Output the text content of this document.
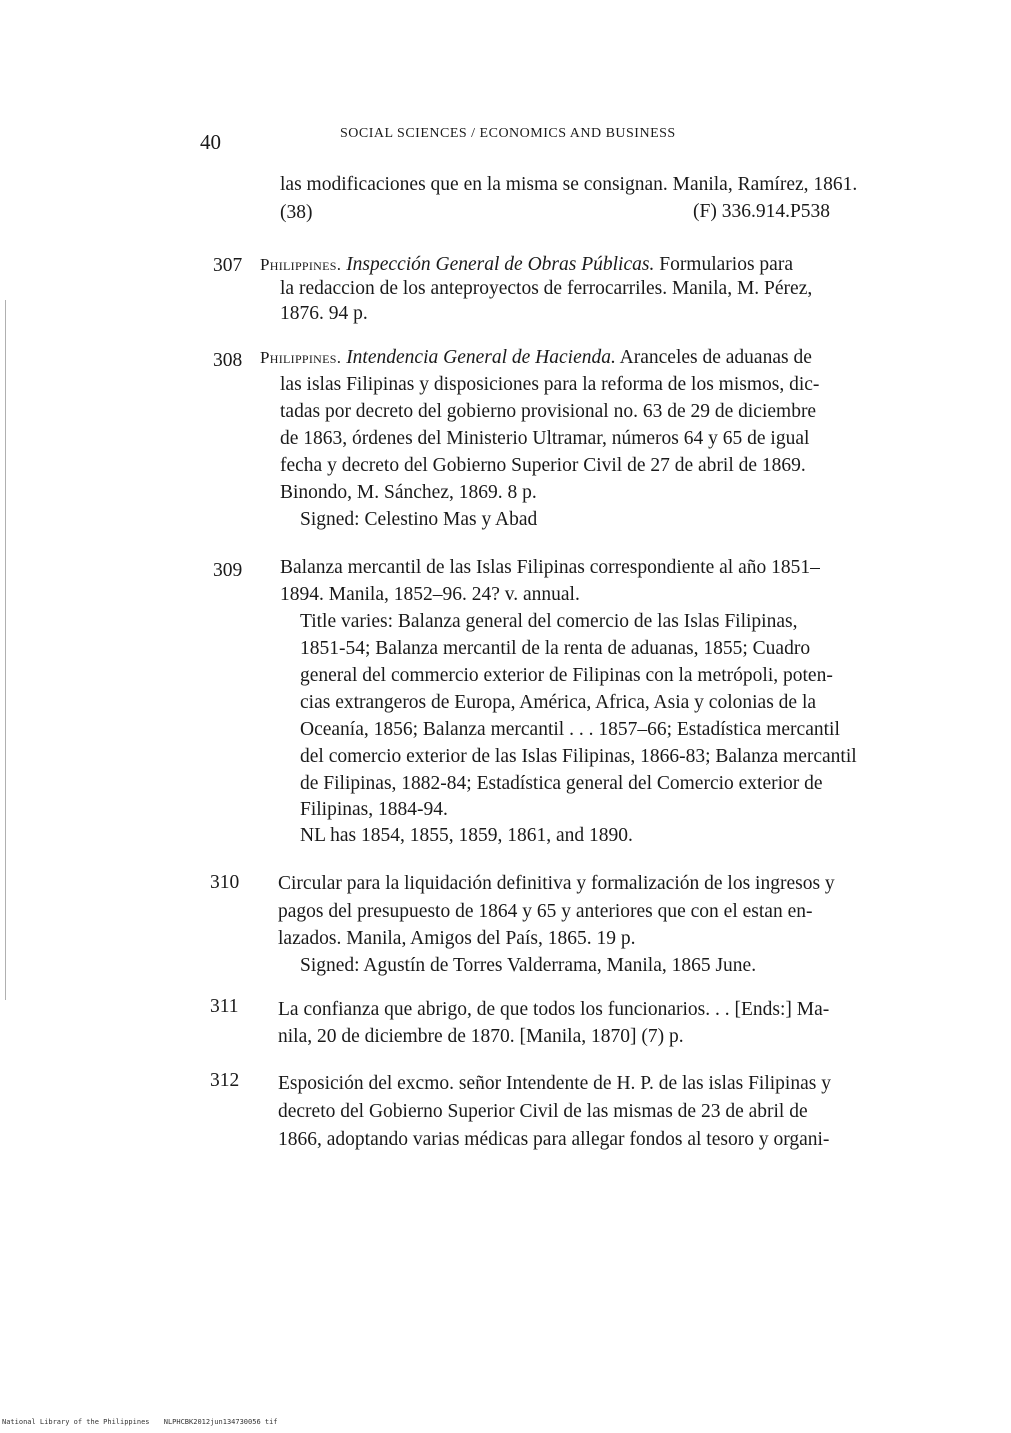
40	SOCIAL SCIENCES / ECONOMICS AND BUSINESS
las modificaciones que en la misma se consignan. Manila, Ramírez, 1861.
(38)	(F) 336.914.P538
307 Philippines. Inspección General de Obras Públicas. Formularios para
la redaccion de los anteproyectos de ferrocarriles. Manila, M. Pérez,
1876. 94 p.
308 Philippines. Intendencia General de Hacienda. Aranceles de aduanas de
las islas Filipinas y disposiciones para la reforma de los mismos, dic-
tadas por decreto del gobierno provisional no. 63 de 29 de diciembre
de 1863, órdenes del Ministerio Ultramar, números 64 y 65 de igual
fecha y decreto del Gobierno Superior Civil de 27 de abril de 1869.
Binondo, M. Sánchez, 1869. 8 p.
Signed: Celestino Mas y Abad
309 Balanza mercantil de las Islas Filipinas correspondiente al año 1851–
1894. Manila, 1852–96. 24? v. annual.
Title varies: Balanza general del comercio de las Islas Filipinas,
1851-54; Balanza mercantil de la renta de aduanas, 1855; Cuadro
general del commercio exterior de Filipinas con la metrópoli, poten-
cias extrangeros de Europa, América, Africa, Asia y colonias de la
Oceanía, 1856; Balanza mercantil . . . 1857–66; Estadística mercantil
del comercio exterior de las Islas Filipinas, 1866-83; Balanza mercantil
de Filipinas, 1882-84; Estadística general del Comercio exterior de
Filipinas, 1884-94.
NL has 1854, 1855, 1859, 1861, and 1890.
310 Circular para la liquidación definitiva y formalización de los ingresos y
pagos del presupuesto de 1864 y 65 y anteriores que con el estan en-
lazados. Manila, Amigos del País, 1865. 19 p.
Signed: Agustín de Torres Valderrama, Manila, 1865 June.
311 La confianza que abrigo, de que todos los funcionarios. . . [Ends:] Ma-
nila, 20 de diciembre de 1870. [Manila, 1870] (7) p.
312 Esposición del excmo. señor Intendente de H. P. de las islas Filipinas y
decreto del Gobierno Superior Civil de las mismas de 23 de abril de
1866, adoptando varias médicas para allegar fondos al tesoro y organi-
National Library of the Philippines NLPHCBK2012jun134730056 tif
